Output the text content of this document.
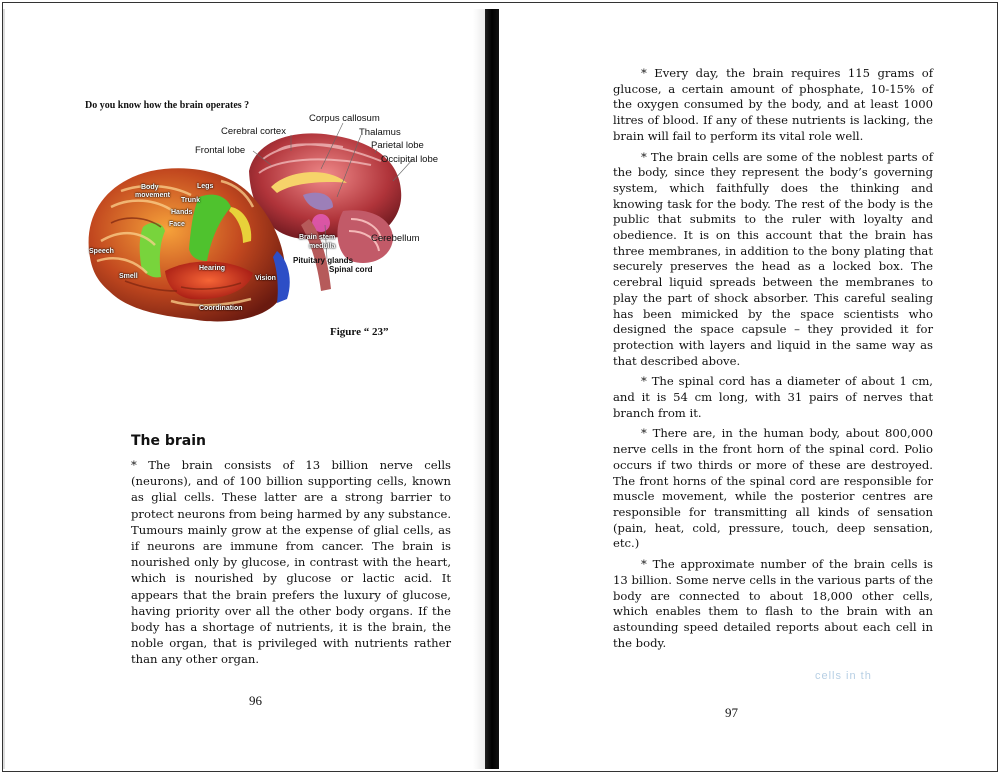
Do you know how the brain operates ?
Corpus callosum
Cerebral cortex	Thalamus
Parietal lobe
Frontal lobe
Occipital lobe
Cerebellum
Pituitary glands
Spinal cord
Brain stem
medulla
Body
movement
Legs
Trunk
Hands
Face
Speech
Smell
Hearing
Vision
Coordination
Figure “ 23”
The brain
* The brain consists of 13 billion nerve cells (neurons), and of 100 billion supporting cells, known as glial cells. These latter are a strong barrier to protect neurons from being harmed by any substance. Tumours mainly grow at the expense of glial cells, as if neurons are immune from cancer. The brain is nourished only by glucose, in contrast with the heart, which is nourished by glucose or lactic acid. It appears that the brain prefers the luxury of glucose, having priority over all the other body organs. If the body has a shortage of nutrients, it is the brain, the noble organ, that is privileged with nutrients rather than any other organ.
96

* Every day, the brain requires 115 grams of glucose, a certain amount of phosphate, 10-15% of the oxygen consumed by the body, and at least 1000 litres of blood. If any of these nutrients is lacking, the brain will fail to perform its vital role well.

* The brain cells are some of the noblest parts of the body, since they represent the body’s governing system, which faithfully does the thinking and knowing task for the body. The rest of the body is the public that submits to the ruler with loyalty and obedience. It is on this account that the brain has three membranes, in addition to the bony plating that securely preserves the head as a locked box. The cerebral liquid spreads between the membranes to play the part of shock absorber. This careful sealing has been mimicked by the space scientists who designed the space capsule – they provided it for protection with layers and liquid in the same way as that described above.

* The spinal cord has a diameter of about 1 cm, and it is 54 cm long, with 31 pairs of nerves that branch from it.

* There are, in the human body, about 800,000 nerve cells in the front horn of the spinal cord. Polio occurs if two thirds or more of these are destroyed. The front horns of the spinal cord are responsible for muscle movement, while the posterior centres are responsible for transmitting all kinds of sensation (pain, heat, cold, pressure, touch, deep sensation, etc.)

* The approximate number of the brain cells is 13 billion. Some nerve cells in the various parts of the body are connected to about 18,000 other cells, which enables them to flash to the brain with an astounding speed detailed reports about each cell in the body.

cells in th
97
